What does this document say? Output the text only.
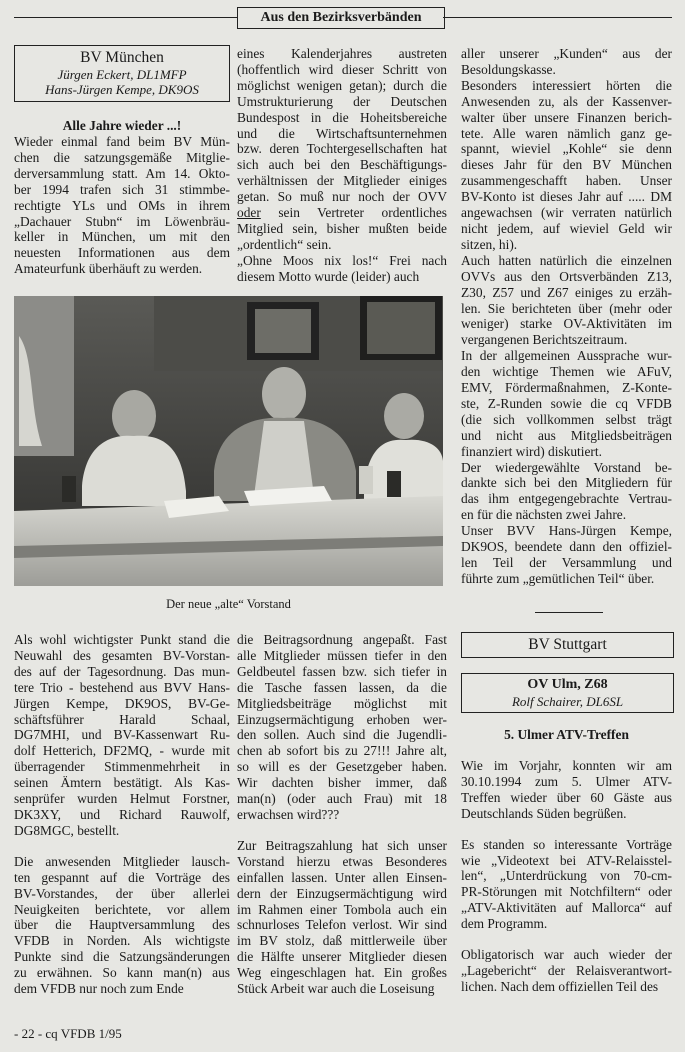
Aus den Bezirksverbänden
BV München
Jürgen Eckert, DL1MFP
Hans-Jürgen Kempe, DK9OS
Alle Jahre wieder ...!
Wieder einmal fand beim BV Mün-
chen die satzungsgemäße Mitglie-
derversammlung statt. Am 14. Okto-
ber 1994 trafen sich 31 stimmbe-
rechtigte YLs und OMs in ihrem
„Dachauer Stubn“ im Löwenbräu-
keller in München, um mit den
neuesten Informationen aus dem
Amateurfunk überhäuft zu werden.
eines Kalenderjahres austreten
(hoffentlich wird dieser Schritt von
möglichst wenigen getan); durch die
Umstrukturierung der Deutschen
Bundespost in die Hoheitsbereiche
und die Wirtschaftsunternehmen
bzw. deren Tochtergesellschaften hat
sich auch bei den Beschäftigungs-
verhältnissen der Mitglieder einiges
getan. So muß nur noch der OVV
oder sein Vertreter ordentliches
Mitglied sein, bisher mußten beide
„ordentlich“ sein.
„Ohne Moos nix los!“ Frei nach
diesem Motto wurde (leider) auch
aller unserer „Kunden“ aus der
Besoldungskasse.
Besonders interessiert hörten die
Anwesenden zu, als der Kassenver-
walter über unsere Finanzen berich-
tete. Alle waren nämlich ganz ge-
spannt, wieviel „Kohle“ sie denn
dieses Jahr für den BV München
zusammengeschafft haben. Unser
BV-Konto ist dieses Jahr auf ..... DM
angewachsen (wir verraten natürlich
nicht jedem, auf wieviel Geld wir
sitzen, hi).
Auch hatten natürlich die einzelnen
OVVs aus den Ortsverbänden Z13,
Z30, Z57 und Z67 einiges zu erzäh-
len. Sie berichteten über (mehr oder
weniger) starke OV-Aktivitäten im
vergangenen Berichtszeitraum.
In der allgemeinen Aussprache wur-
den wichtige Themen wie AFuV,
EMV, Fördermaßnahmen, Z-Konte-
ste, Z-Runden sowie die cq VFDB
(die sich vollkommen selbst trägt
und nicht aus Mitgliedsbeiträgen
finanziert wird) diskutiert.
Der wiedergewählte Vorstand be-
dankte sich bei den Mitgliedern für
das ihm entgegengebrachte Vertrau-
en für die nächsten zwei Jahre.
Unser BVV Hans-Jürgen Kempe,
DK9OS, beendete dann den offiziel-
len Teil der Versammlung und
führte zum „gemütlichen Teil“ über.
Der neue „alte“ Vorstand
Als wohl wichtigster Punkt stand die
Neuwahl des gesamten BV-Vorstan-
des auf der Tagesordnung. Das mun-
tere Trio - bestehend aus BVV Hans-
Jürgen Kempe, DK9OS, BV-Ge-
schäftsführer Harald Schaal,
DG7MHI, und BV-Kassenwart Ru-
dolf Hetterich, DF2MQ, - wurde mit
überragender Stimmenmehrheit in
seinen Ämtern bestätigt. Als Kas-
senprüfer wurden Helmut Forstner,
DK3XY, und Richard Rauwolf,
DG8MGC, bestellt.
Die anwesenden Mitglieder lausch-
ten gespannt auf die Vorträge des
BV-Vorstandes, der über allerlei
Neuigkeiten berichtete, vor allem
über die Hauptversammlung des
VFDB in Norden. Als wichtigste
Punkte sind die Satzungsänderungen
zu erwähnen. So kann man(n) aus
dem VFDB nur noch zum Ende
die Beitragsordnung angepaßt. Fast
alle Mitglieder müssen tiefer in den
Geldbeutel fassen bzw. sich tiefer in
die Tasche fassen lassen, da die
Mitgliedsbeiträge möglichst mit
Einzugsermächtigung erhoben wer-
den sollen. Auch sind die Jugendli-
chen ab sofort bis zu 27!!! Jahre alt,
so will es der Gesetzgeber haben.
Wir dachten bisher immer, daß
man(n) (oder auch Frau) mit 18
erwachsen wird???
Zur Beitragszahlung hat sich unser
Vorstand hierzu etwas Besonderes
einfallen lassen. Unter allen Einsen-
dern der Einzugsermächtigung wird
im Rahmen einer Tombola auch ein
schnurloses Telefon verlost. Wir sind
im BV stolz, daß mittlerweile über
die Hälfte unserer Mitglieder diesen
Weg eingeschlagen hat. Ein großes
Stück Arbeit war auch die Loseisung
BV Stuttgart
OV Ulm, Z68
Rolf Schairer, DL6SL
5. Ulmer ATV-Treffen
Wie im Vorjahr, konnten wir am
30.10.1994 zum 5. Ulmer ATV-
Treffen wieder über 60 Gäste aus
Deutschlands Süden begrüßen.
Es standen so interessante Vorträge
wie „Videotext bei ATV-Relaisstel-
len“, „Unterdrückung von 70-cm-
PR-Störungen mit Notchfiltern“ oder
„ATV-Aktivitäten auf Mallorca“ auf
dem Programm.
Obligatorisch war auch wieder der
„Lagebericht“ der Relaisverantwort-
lichen. Nach dem offiziellen Teil des
- 22 - cq VFDB 1/95
